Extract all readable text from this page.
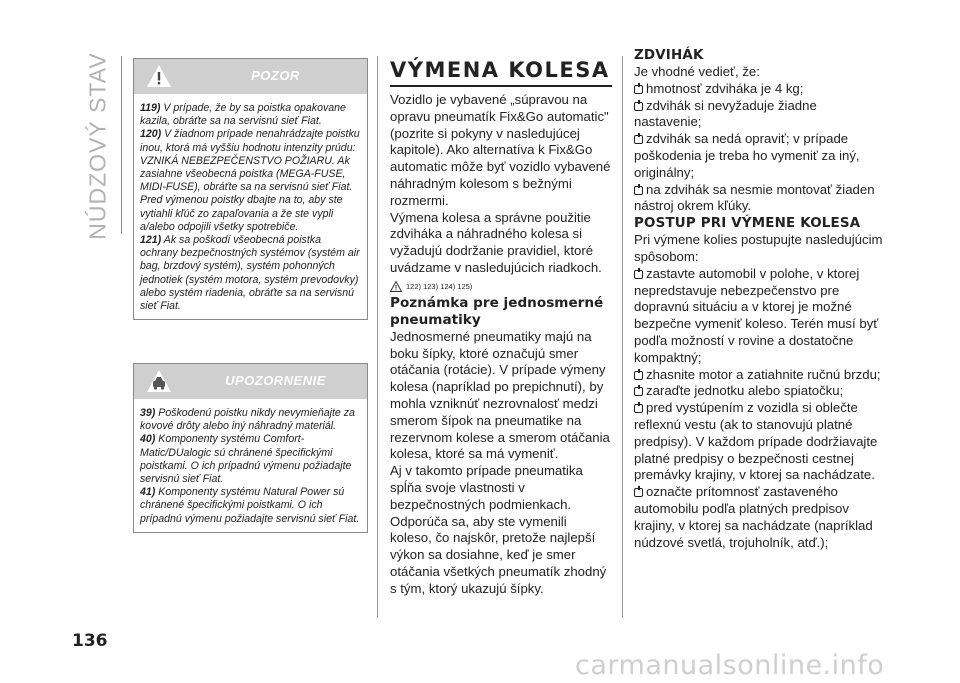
NÚDZOVÝ STAV	POZOR

119) V prípade, že by sa poistka opakovane kazila, obráťte sa na servisnú sieť Fiat.

120) V žiadnom prípade nenahrádzajte poistku inou, ktorá má vyššiu hodnotu intenzity prúdu: VZNIKÁ NEBEZPEČENSTVO POŽIARU. Ak zasiahne všeobecná poistka (MEGA-FUSE, MIDI-FUSE), obráťte sa na servisnú sieť Fiat. Pred výmenou poistky dbajte na to, aby ste vytiahli kľúč zo zapaľovania a že ste vypli a/alebo odpojili všetky spotrebiče.

121) Ak sa poškodí všeobecná poistka ochrany bezpečnostných systémov (systém air bag, brzdový systém), systém pohonných jednotiek (systém motora, systém prevodovky) alebo systém riadenia, obráťte sa na servisnú sieť Fiat.

UPOZORNENIE

39) Poškodenú poistku nikdy nevymieňajte za kovové drôty alebo iný náhradný materiál.

40) Komponenty systému Comfort-Matic/DUalogic sú chránené špecifickými poistkami. O ich prípadnú výmenu požiadajte servisnú sieť Fiat.

41) Komponenty systému Natural Power sú chránené špecifickými poistkami. O ich prípadnú výmenu požiadajte servisnú sieť Fiat.

VÝMENA KOLESA

Vozidlo je vybavené „súpravou na opravu pneumatík Fix&Go automatic" (pozrite si pokyny v nasledujúcej kapitole). Ako alternatíva k Fix&Go automatic môže byť vozidlo vybavené náhradným kolesom s bežnými rozmermi.

Výmena kolesa a správne použitie zdviháka a náhradného kolesa si vyžadujú dodržanie pravidiel, ktoré uvádzame v nasledujúcich riadkoch.

122) 123) 124) 125)
Poznámka pre jednosmerné pneumatiky

Jednosmerné pneumatiky majú na boku šípky, ktoré označujú smer otáčania (rotácie). V prípade výmeny kolesa (napríklad po prepichnutí), by mohla vzniknúť nezrovnalosť medzi smerom šípok na pneumatike na rezervnom kolese a smerom otáčania kolesa, ktoré sa má vymeniť.

Aj v takomto prípade pneumatika spĺňa svoje vlastnosti v bezpečnostných podmienkach.

Odporúča sa, aby ste vymenili koleso, čo najskôr, pretože najlepší výkon sa dosiahne, keď je smer otáčania všetkých pneumatík zhodný s tým, ktorý ukazujú šípky.

ZDVIHÁK

Je vhodné vedieť, že:

hmotnosť zdviháka je 4 kg;

zdvihák si nevyžaduje žiadne nastavenie;

zdvihák sa nedá opraviť; v prípade poškodenia je treba ho vymeniť za iný, originálny;

na zdvihák sa nesmie montovať žiaden nástroj okrem kľúky.

POSTUP PRI VÝMENE KOLESA

Pri výmene kolies postupujte nasledujúcim spôsobom:

zastavte automobil v polohe, v ktorej nepredstavuje nebezpečenstvo pre dopravnú situáciu a v ktorej je možné bezpečne vymeniť koleso. Terén musí byť podľa možností v rovine a dostatočne kompaktný;

zhasnite motor a zatiahnite ručnú brzdu;

zaraďte jednotku alebo spiatočku;

pred vystúpením z vozidla si oblečte reflexnú vestu (ak to stanovujú platné predpisy). V každom prípade dodržiavajte platné predpisy o bezpečnosti cestnej premávky krajiny, v ktorej sa nachádzate.

označte prítomnosť zastaveného automobilu podľa platných predpisov krajiny, v ktorej sa nachádzate (napríklad núdzové svetlá, trojuholník, atď.);

136
carmanualsonline.info
